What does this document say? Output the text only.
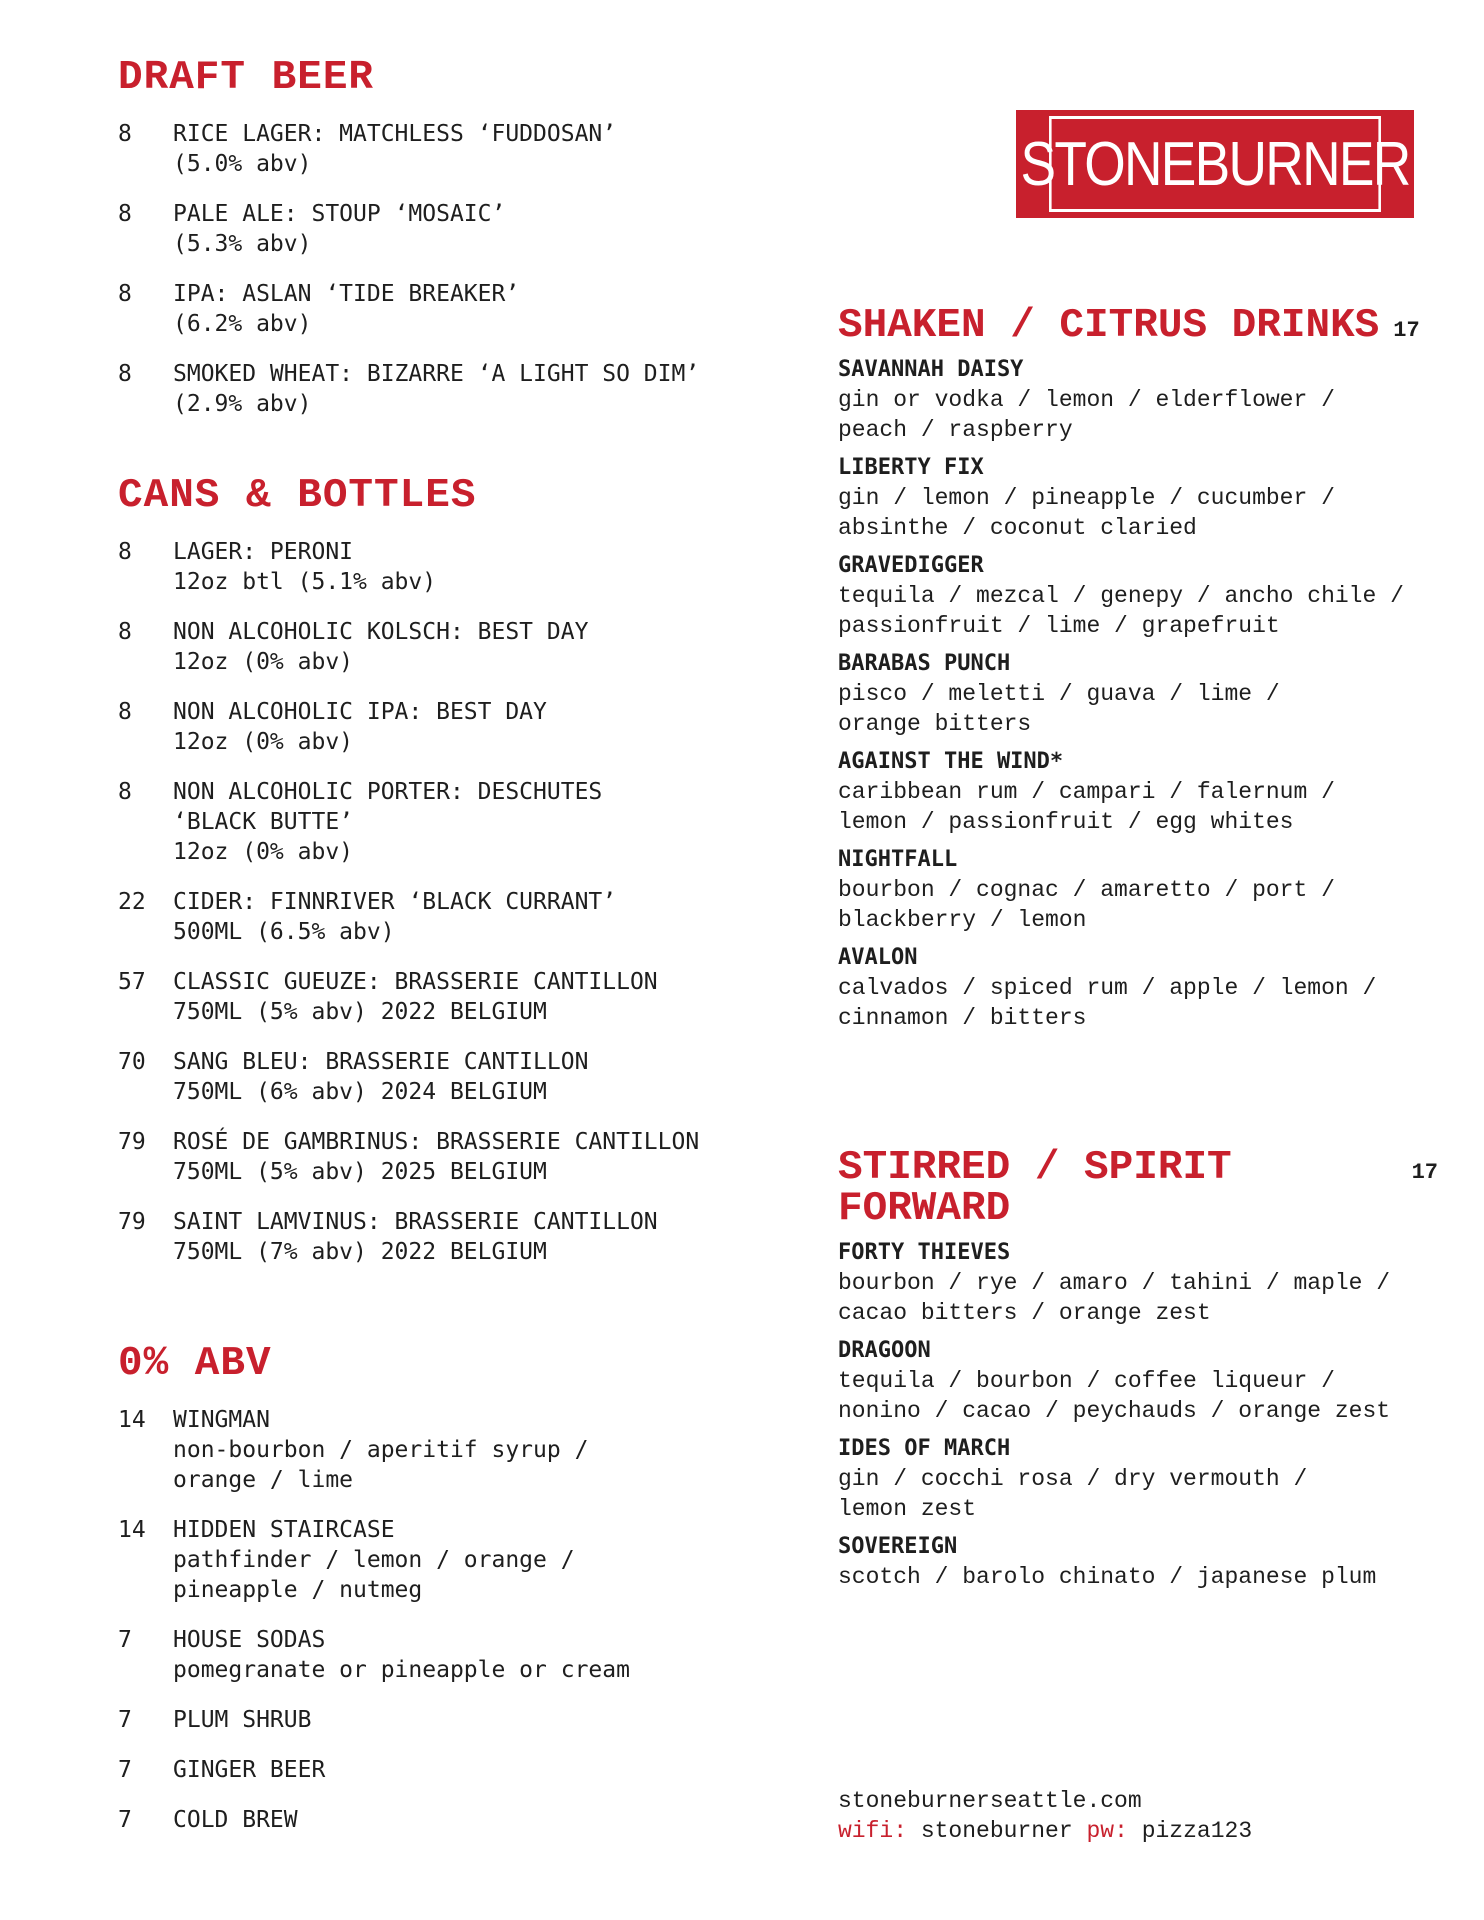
DRAFT BEER
8	RICE LAGER: MATCHLESS ‘FUDDOSAN’
(5.0% abv)
8	PALE ALE: STOUP ‘MOSAIC’
(5.3% abv)
8	IPA: ASLAN ‘TIDE BREAKER’
(6.2% abv)
8	SMOKED WHEAT: BIZARRE ‘A LIGHT SO DIM’
(2.9% abv)
CANS & BOTTLES
8	LAGER: PERONI
12oz btl (5.1% abv)
8	NON ALCOHOLIC KOLSCH: BEST DAY
12oz (0% abv)
8	NON ALCOHOLIC IPA: BEST DAY
12oz (0% abv)
8	NON ALCOHOLIC PORTER: DESCHUTES
‘BLACK BUTTE’
12oz (0% abv)
22	CIDER: FINNRIVER ‘BLACK CURRANT’
500ML (6.5% abv)
57	CLASSIC GUEUZE: BRASSERIE CANTILLON
750ML (5% abv) 2022 BELGIUM
70	SANG BLEU: BRASSERIE CANTILLON
750ML (6% abv) 2024 BELGIUM
79	ROSÉ DE GAMBRINUS: BRASSERIE CANTILLON
750ML (5% abv) 2025 BELGIUM
79	SAINT LAMVINUS: BRASSERIE CANTILLON
750ML (7% abv) 2022 BELGIUM
0% ABV
14	WINGMAN
non-bourbon / aperitif syrup /
orange / lime
14	HIDDEN STAIRCASE
pathfinder / lemon / orange /
pineapple / nutmeg
7	HOUSE SODAS
pomegranate or pineapple or cream
7	PLUM SHRUB
7	GINGER BEER
7	COLD BREW
STONEBURNER
SHAKEN / CITRUS DRINKS 17
SAVANNAH DAISY
gin or vodka / lemon / elderflower /
peach / raspberry
LIBERTY FIX
gin / lemon / pineapple / cucumber /
absinthe / coconut claried
GRAVEDIGGER
tequila / mezcal / genepy / ancho chile /
passionfruit / lime / grapefruit
BARABAS PUNCH
pisco / meletti / guava / lime /
orange bitters
AGAINST THE WIND*
caribbean rum / campari / falernum /
lemon / passionfruit / egg whites
NIGHTFALL
bourbon / cognac / amaretto / port /
blackberry / lemon
AVALON
calvados / spiced rum / apple / lemon /
cinnamon / bitters
STIRRED / SPIRIT FORWARD
17
FORTY THIEVES
bourbon / rye / amaro / tahini / maple /
cacao bitters / orange zest
DRAGOON
tequila / bourbon / coffee liqueur /
nonino / cacao / peychauds / orange zest
IDES OF MARCH
gin / cocchi rosa / dry vermouth /
lemon zest
SOVEREIGN
scotch / barolo chinato / japanese plum
stoneburnerseattle.com
wifi: stoneburner pw: pizza123
